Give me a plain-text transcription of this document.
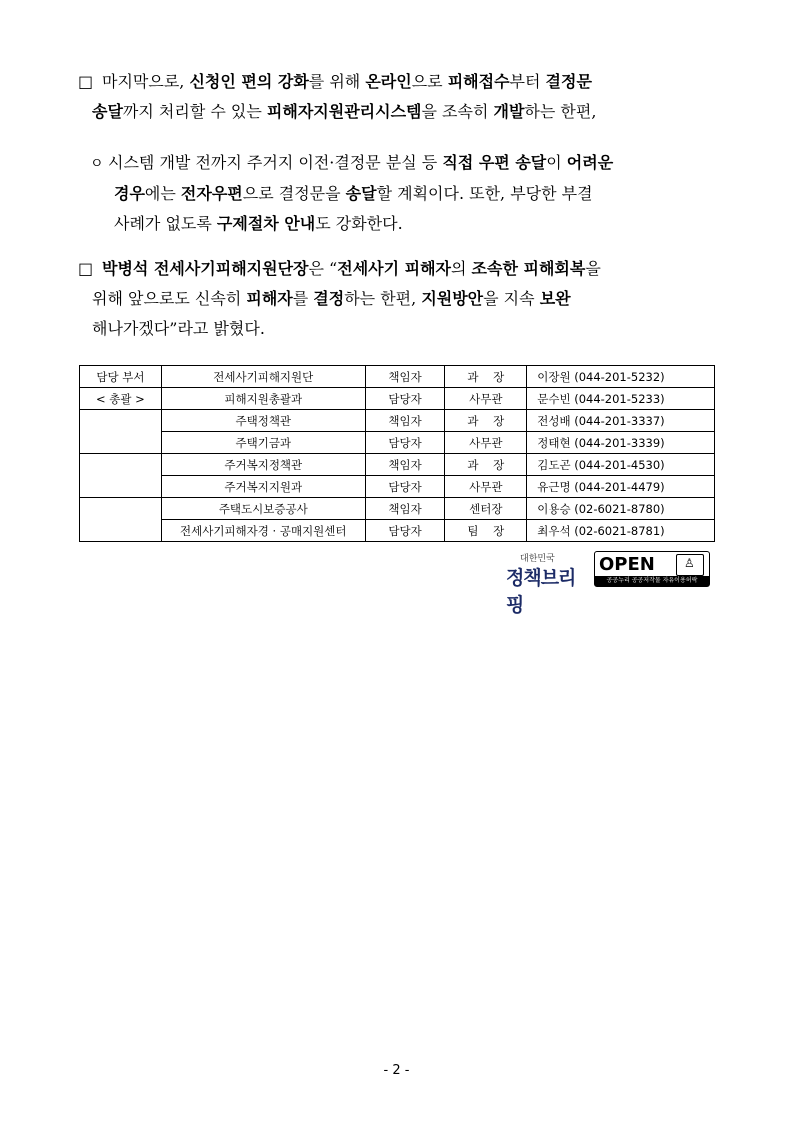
□ 마지막으로, 신청인 편의 강화를 위해 온라인으로 피해접수부터 결정문
송달까지 처리할 수 있는 피해자지원관리시스템을 조속히 개발하는 한편,
ㅇ 시스템 개발 전까지 주거지 이전·결정문 분실 등 직접 우편 송달이 어려운
경우에는 전자우편으로 결정문을 송달할 계획이다. 또한, 부당한 부결
사례가 없도록 구제절차 안내도 강화한다.
□ 박병석 전세사기피해지원단장은 “전세사기 피해자의 조속한 피해회복을
위해 앞으로도 신속히 피해자를 결정하는 한편, 지원방안을 지속 보완
해나가겠다”라고 밝혔다.
담당 부서	전세사기피해지원단	책임자	과    장	이장원 (044-201-5232)
< 총괄 >	피해지원총괄과	담당자	사무관	문수빈 (044-201-5233)
	주택정책관	책임자	과    장	전성배 (044-201-3337)
	주택기금과	담당자	사무관	정태현 (044-201-3339)
	주거복지정책관	책임자	과    장	김도곤 (044-201-4530)
	주거복지지원과	담당자	사무관	유근명 (044-201-4479)
	주택도시보증공사	책임자	센터장	이용승 (02-6021-8780)
	전세사기피해자경 · 공매지원센터	담당자	팀    장	최우석 (02-6021-8781)
대한민국
정책브리핑
OPEN ♙
공공누리 공공저작물 자유이용허락
- 2 -
